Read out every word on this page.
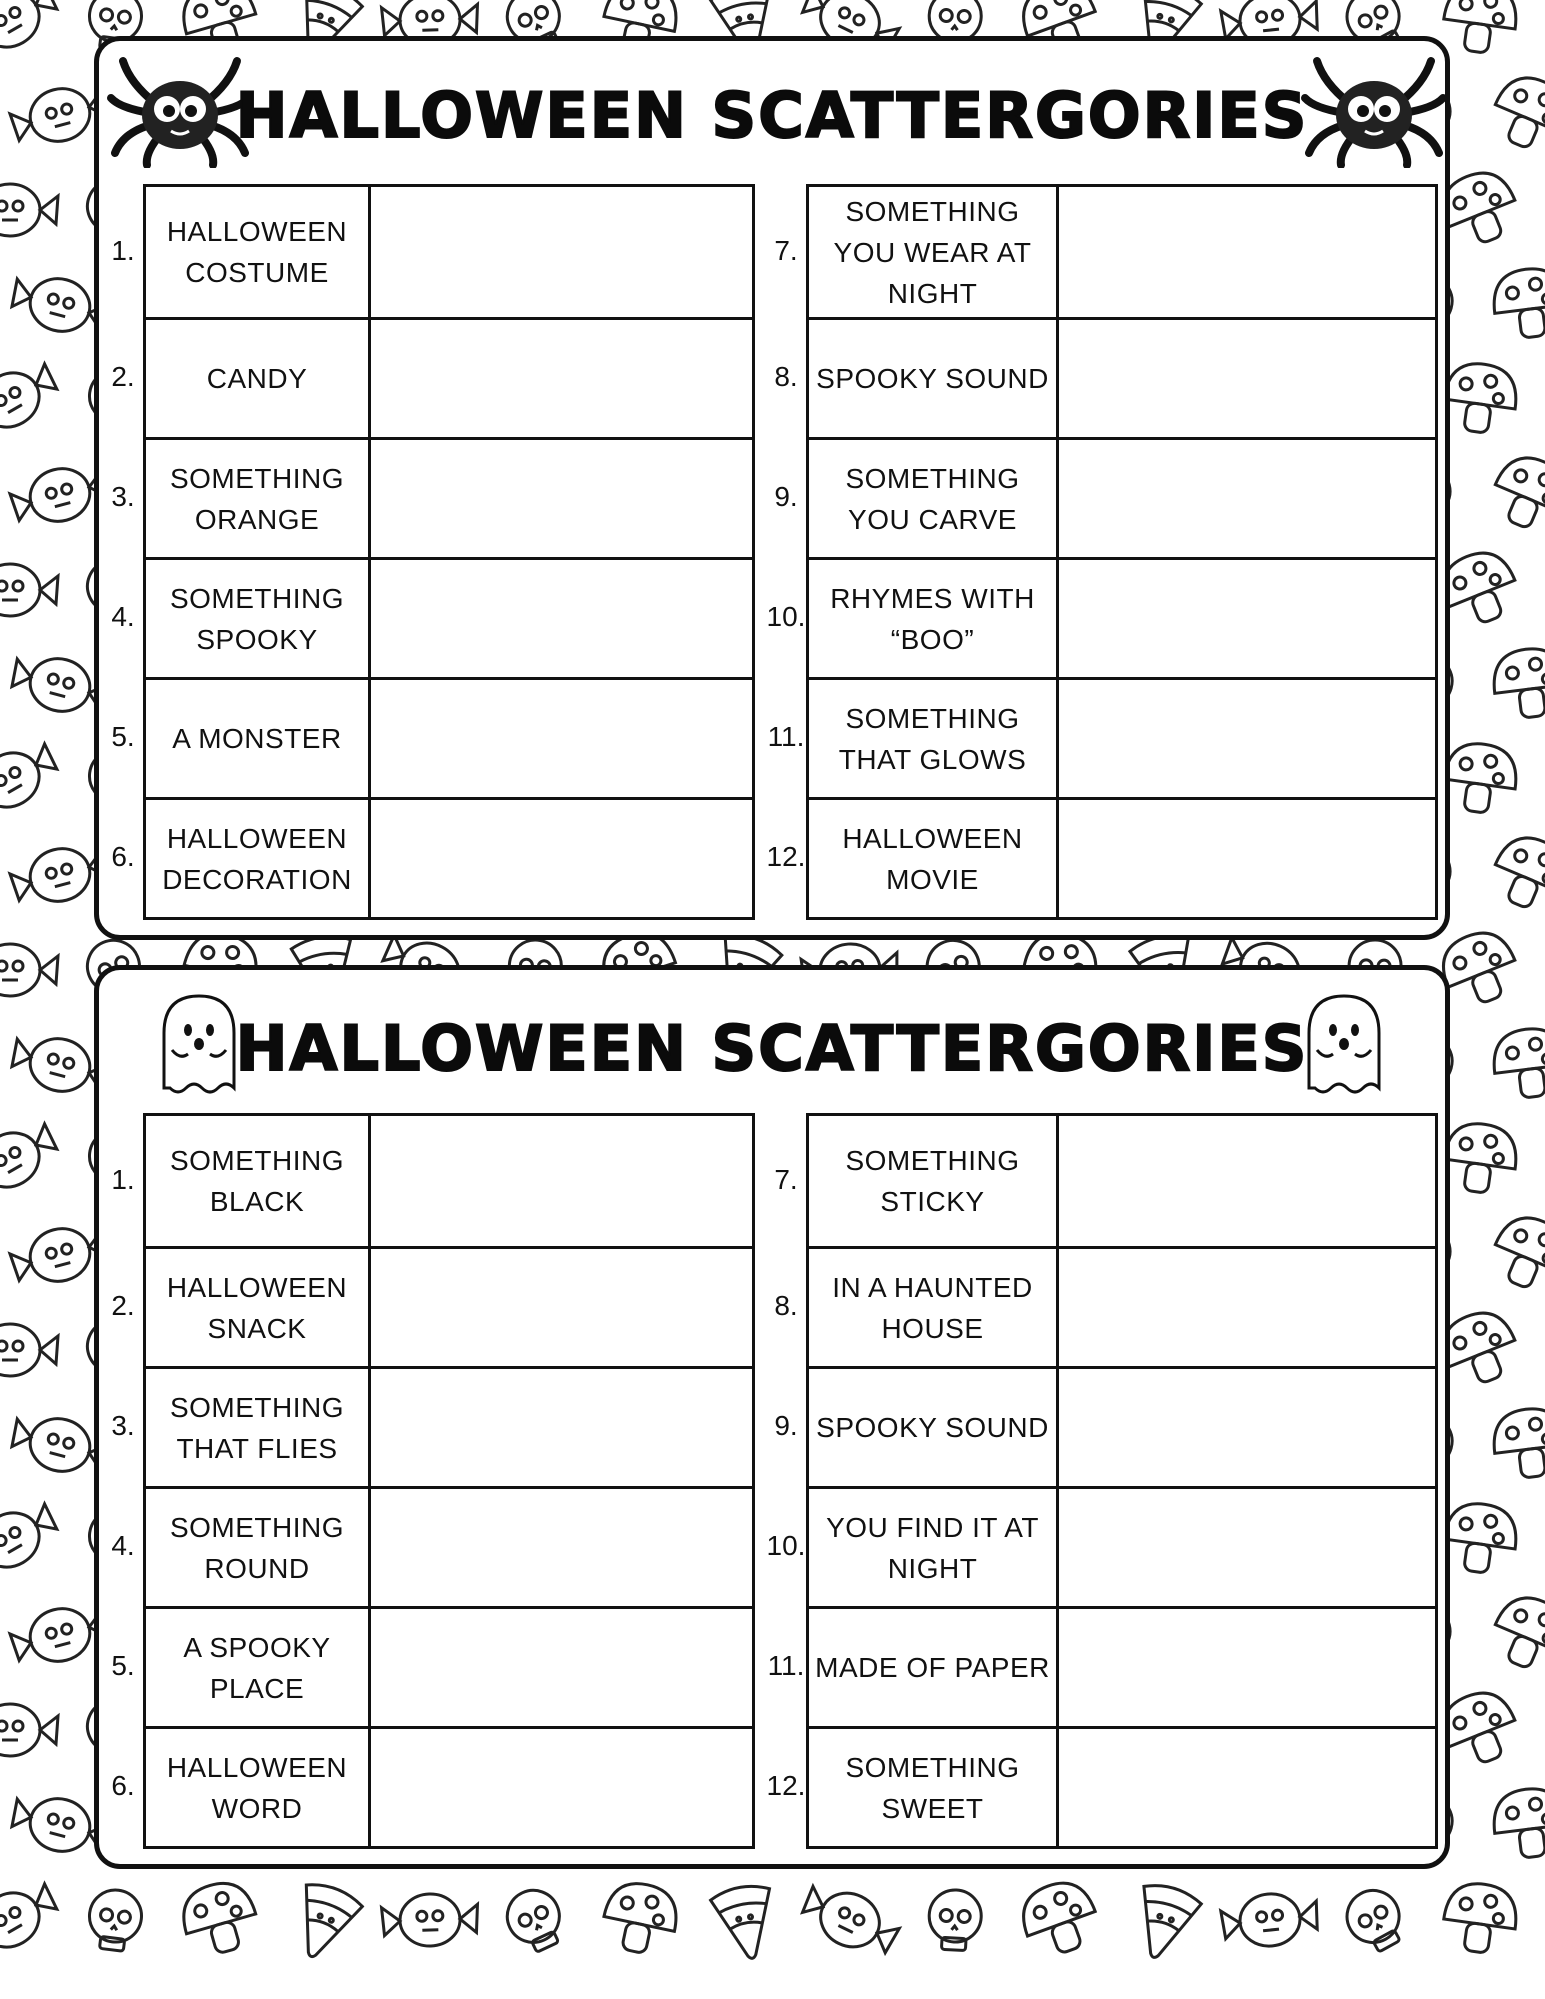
HALLOWEEN SCATTERGORIES
1.
2.
3.
4.
5.
6.
HALLOWEEN COSTUME
CANDY
SOMETHING ORANGE
SOMETHING SPOOKY
A MONSTER
HALLOWEEN DECORATION
7.
8.
9.
10.
11.
12.
SOMETHING YOU WEAR AT NIGHT
SPOOKY SOUND
SOMETHING YOU CARVE
RHYMES WITH “BOO”
SOMETHING THAT GLOWS
HALLOWEEN MOVIE
HALLOWEEN SCATTERGORIES
1.
2.
3.
4.
5.
6.
SOMETHING BLACK
HALLOWEEN SNACK
SOMETHING THAT FLIES
SOMETHING ROUND
A SPOOKY PLACE
HALLOWEEN WORD
7.
8.
9.
10.
11.
12.
SOMETHING STICKY
IN A HAUNTED HOUSE
SPOOKY SOUND
YOU FIND IT AT NIGHT
MADE OF PAPER
SOMETHING SWEET
